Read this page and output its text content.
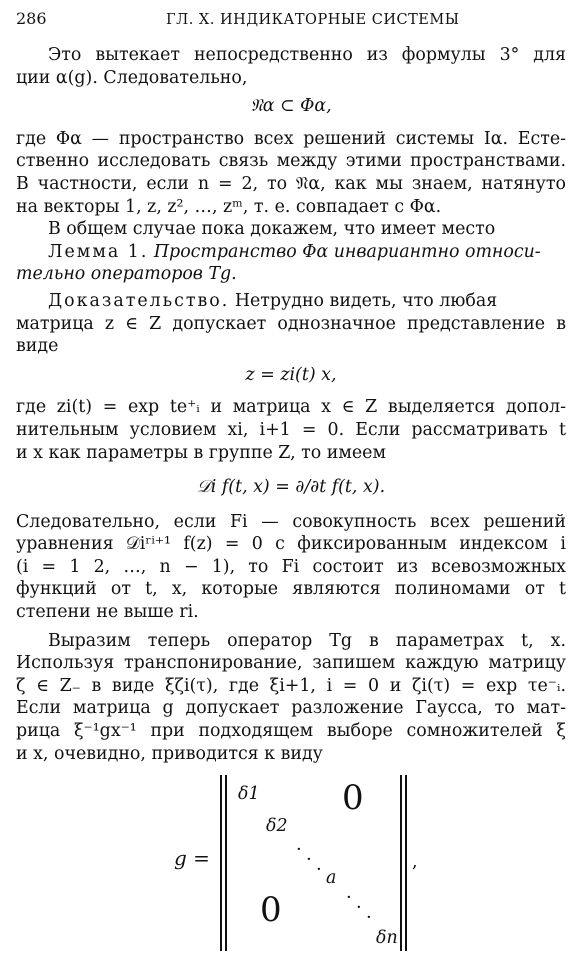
286	ГЛ. X. ИНДИКАТОРНЫЕ СИСТЕМЫ
Это вытекает непосредственно из формулы 3° для
ции α(g). Следовательно,
𝔑α ⊂ Φα,
где Φα — пространство всех решений системы Iα. Есте-
ственно исследовать связь между этими пространствами.
В частности, если n = 2, то 𝔑α, как мы знаем, натянуто
на векторы 1, z, z², …, zᵐ, т. е. совпадает с Φα.
В общем случае пока докажем, что имеет место
Лемма 1. Пространство Φα инвариантно относи-
тельно операторов Tg.
Доказательство. Нетрудно видеть, что любая
матрица z ∈ Z допускает однозначное представление в
виде
z = zi(t) x,
где zi(t) = exp te⁺ᵢ и матрица x ∈ Z выделяется допол-
нительным условием xi, i+1 = 0. Если рассматривать t
и x как параметры в группе Z, то имеем
𝒟i f(t, x) = ∂/∂t f(t, x).
Следовательно, если Fi — совокупность всех решений
уравнения 𝒟iʳⁱ⁺¹ f(z) = 0 с фиксированным индексом i
(i = 1 2, …, n − 1), то Fi состоит из всевозможных
функций от t, x, которые являются полиномами от t
степени не выше ri.
Выразим теперь оператор Tg в параметрах t, x.
Используя транспонирование, запишем каждую матрицу
ζ ∈ Z₋ в виде ξζi(τ), где ξi+1, i = 0 и ζi(τ) = exp τe⁻ᵢ.
Если матрица g допускает разложение Гаусса, то мат-
рица ξ⁻¹gx⁻¹ при подходящем выборе сомножителей ξ
и x, очевидно, приводится к виду
g =
δ1
δ2
0
· · · a
· · ·
0
δn
,
